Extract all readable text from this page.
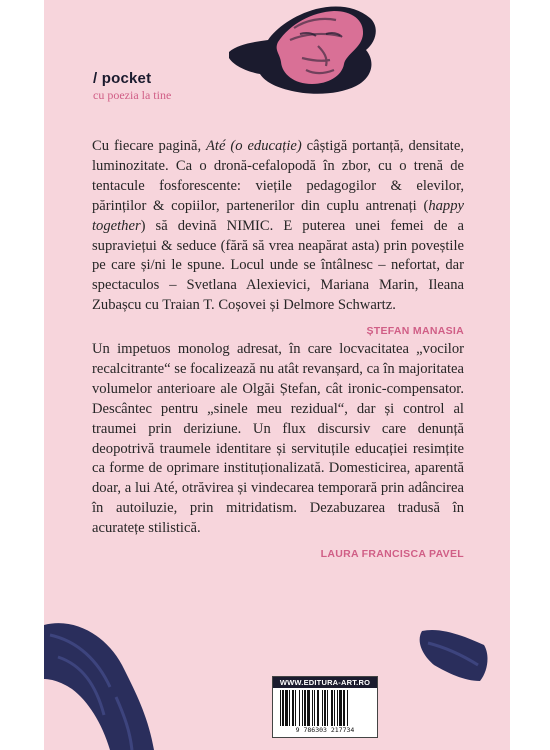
/ pocket
cu poezia la tine

Cu fiecare pagină, Até (o educație) câștigă portanță, densitate, luminozitate. Ca o dronă-cefalopodă în zbor, cu o trenă de tentacule fosforescente: viețile pedagogilor & elevilor, părinților & copiilor, partenerilor din cuplu antrenați (happy together) să devină NIMIC. E puterea unei femei de a supraviețui & seduce (fără să vrea neapărat asta) prin poveștile pe care și/ni le spune. Locul unde se întâlnesc – nefortat, dar spectaculos – Svetlana Alexievici, Mariana Marin, Ileana Zubașcu cu Traian T. Coșovei și Delmore Schwartz.

ȘTEFAN MANASIA

Un impetuos monolog adresat, în care locvacitatea „vocilor recalcitrante“ se focalizează nu atât revanșard, ca în majoritatea volumelor anterioare ale Olgăi Ștefan, cât ironic-compensator. Descântec pentru „sinele meu rezidual“, dar și control al traumei prin deriziune. Un flux discursiv care denunță deopotrivă traumele identitare și servituțile educației resimțite ca forme de oprimare instituționalizată. Domesticirea, aparentă doar, a lui Até, otrăvirea și vindecarea temporară prin adâncirea în autoiluzie, prin mitridatism. Dezabuzarea tradusă în acuratețe stilistică.

LAURA FRANCISCA PAVEL
WWW.EDITURA-ART.RO
9 786303 217734
